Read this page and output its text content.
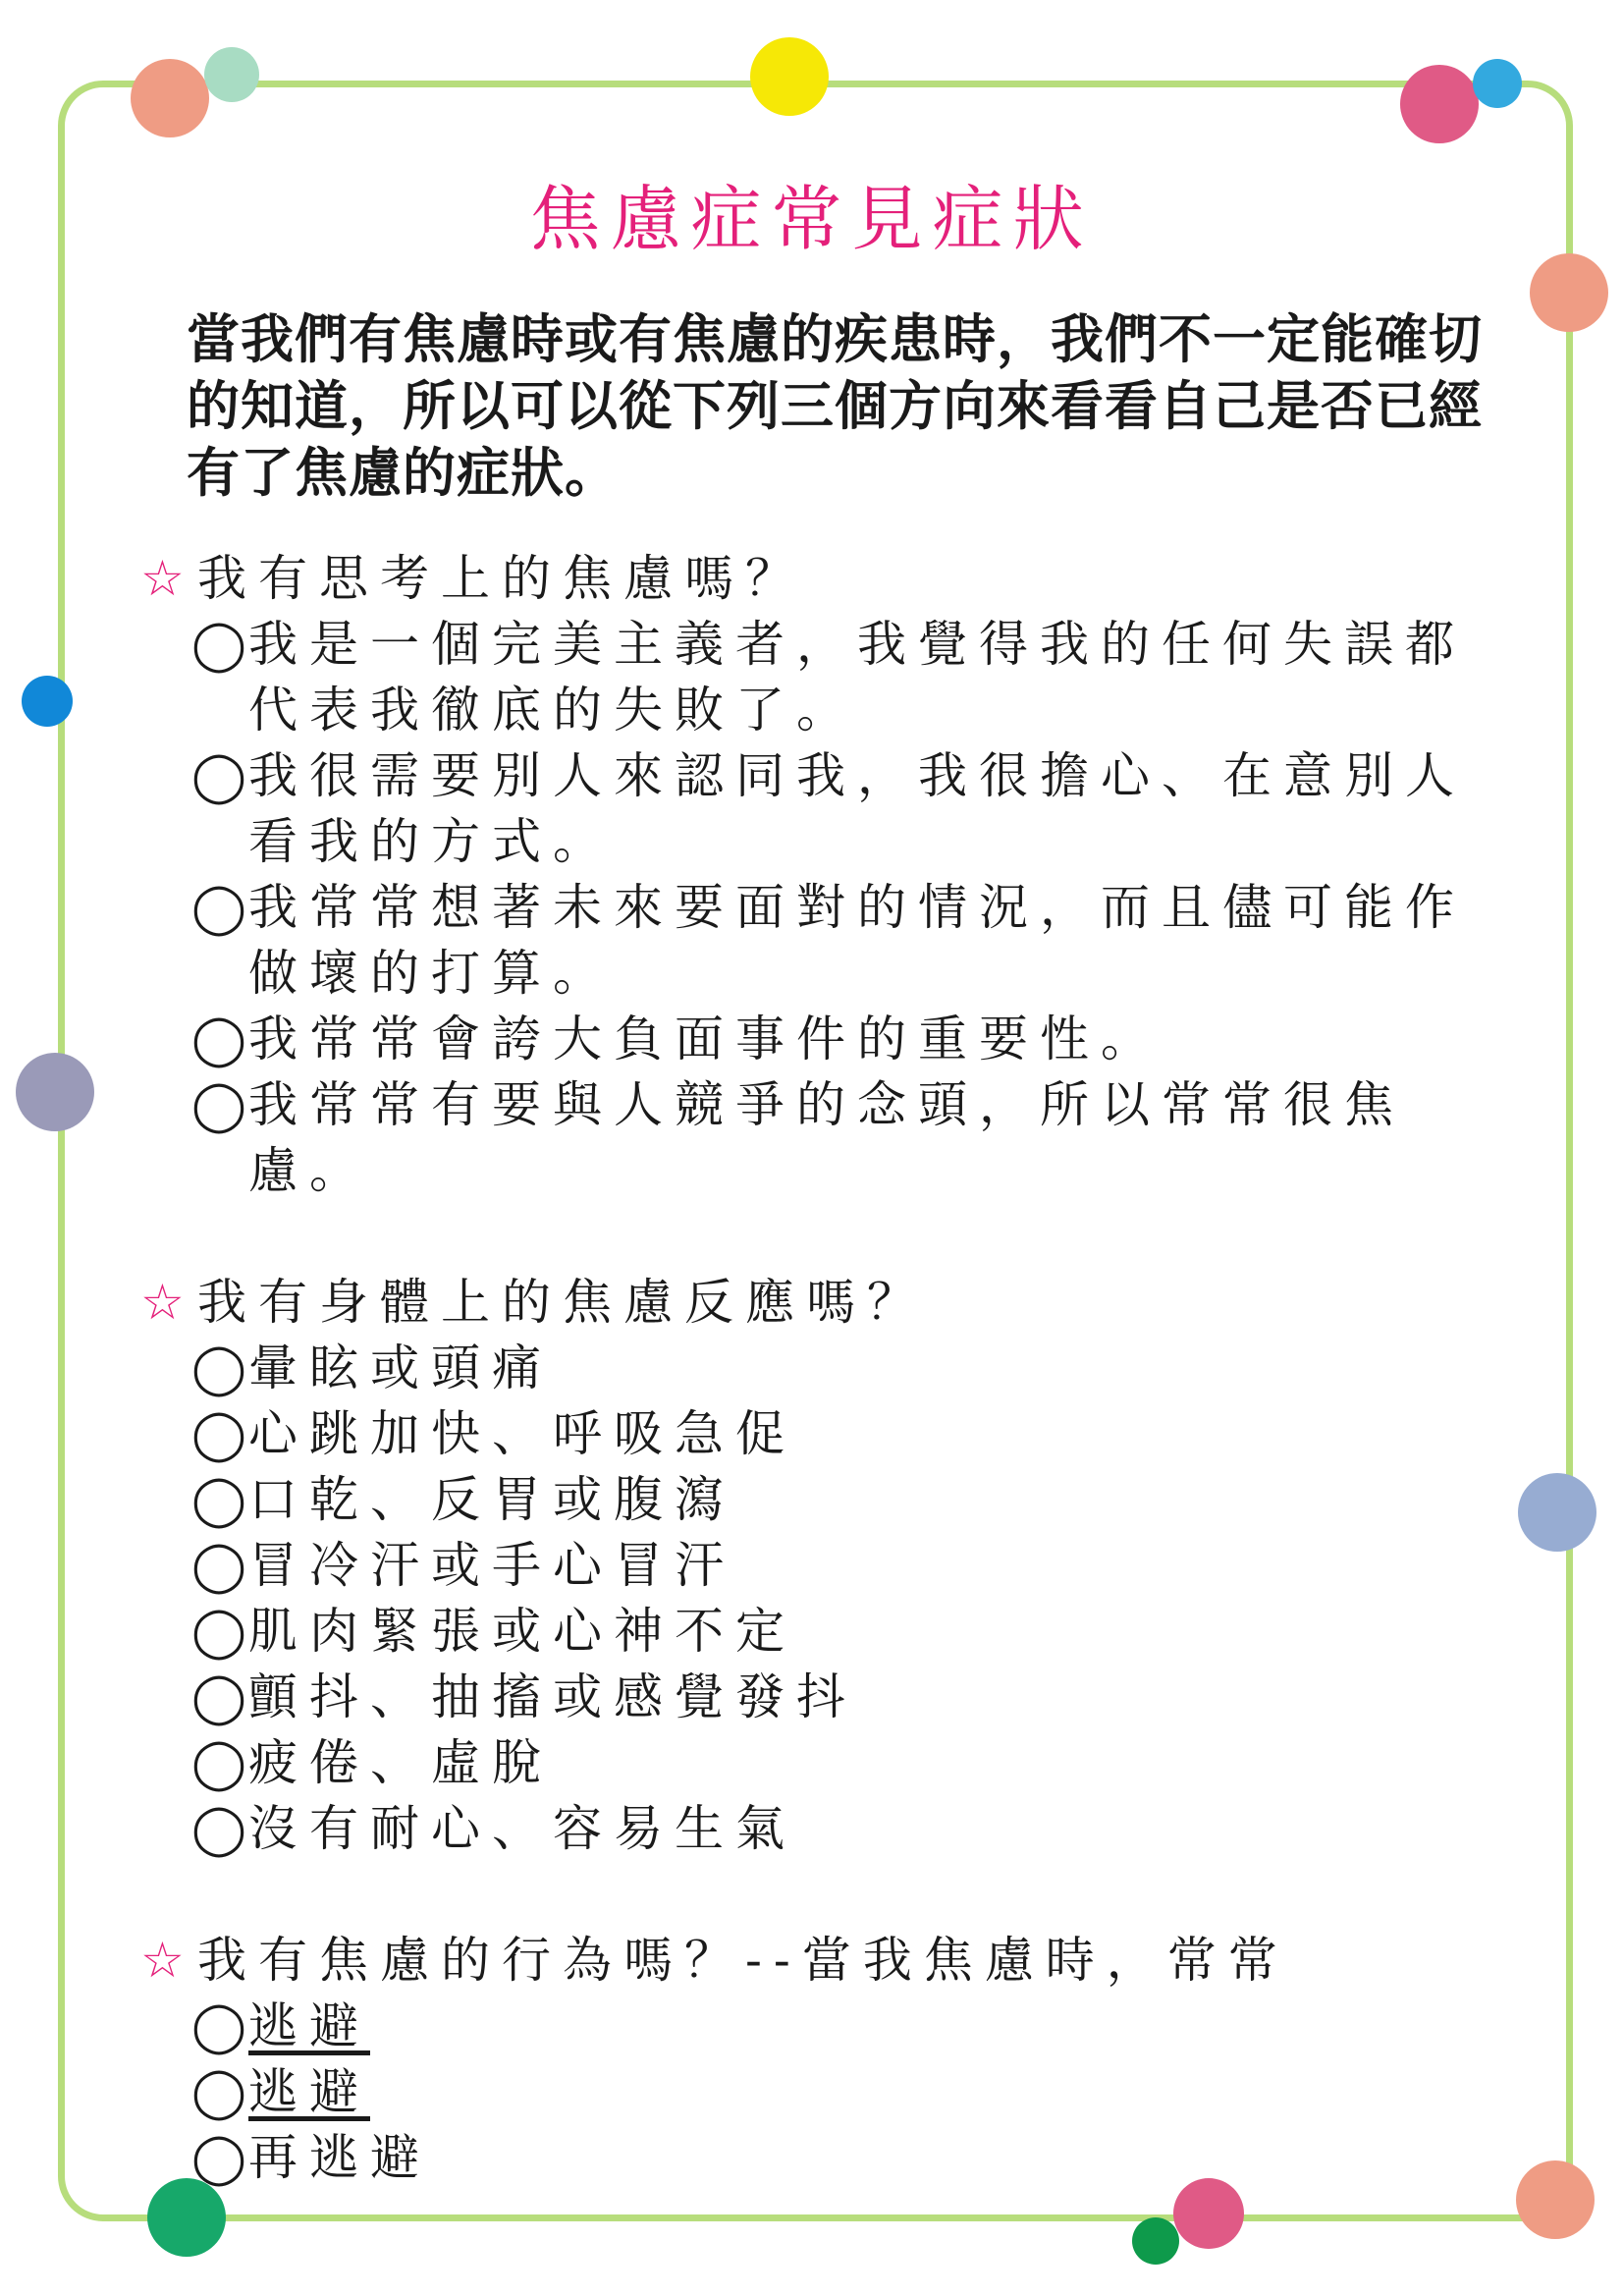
焦慮症常見症狀
當我們有焦慮時或有焦慮的疾患時，我們不一定能確切的知道，所以可以從下列三個方向來看看自己是否已經有了焦慮的症狀。
☆ 我有思考上的焦慮嗎？
◯ 我是一個完美主義者，我覺得我的任何失誤都代表我徹底的失敗了。
◯ 我很需要別人來認同我，我很擔心、在意別人看我的方式。
◯ 我常常想著未來要面對的情況，而且儘可能作做壞的打算。
◯ 我常常會誇大負面事件的重要性。
◯ 我常常有要與人競爭的念頭，所以常常很焦慮。
☆ 我有身體上的焦慮反應嗎？
◯ 暈眩或頭痛
◯ 心跳加快、呼吸急促
◯ 口乾、反胃或腹瀉
◯ 冒冷汗或手心冒汗
◯ 肌肉緊張或心神不定
◯ 顫抖、抽搐或感覺發抖
◯ 疲倦、虛脫
◯ 沒有耐心、容易生氣
☆ 我有焦慮的行為嗎？--當我焦慮時，常常
◯ 逃避
◯ 逃避
◯ 再逃避
